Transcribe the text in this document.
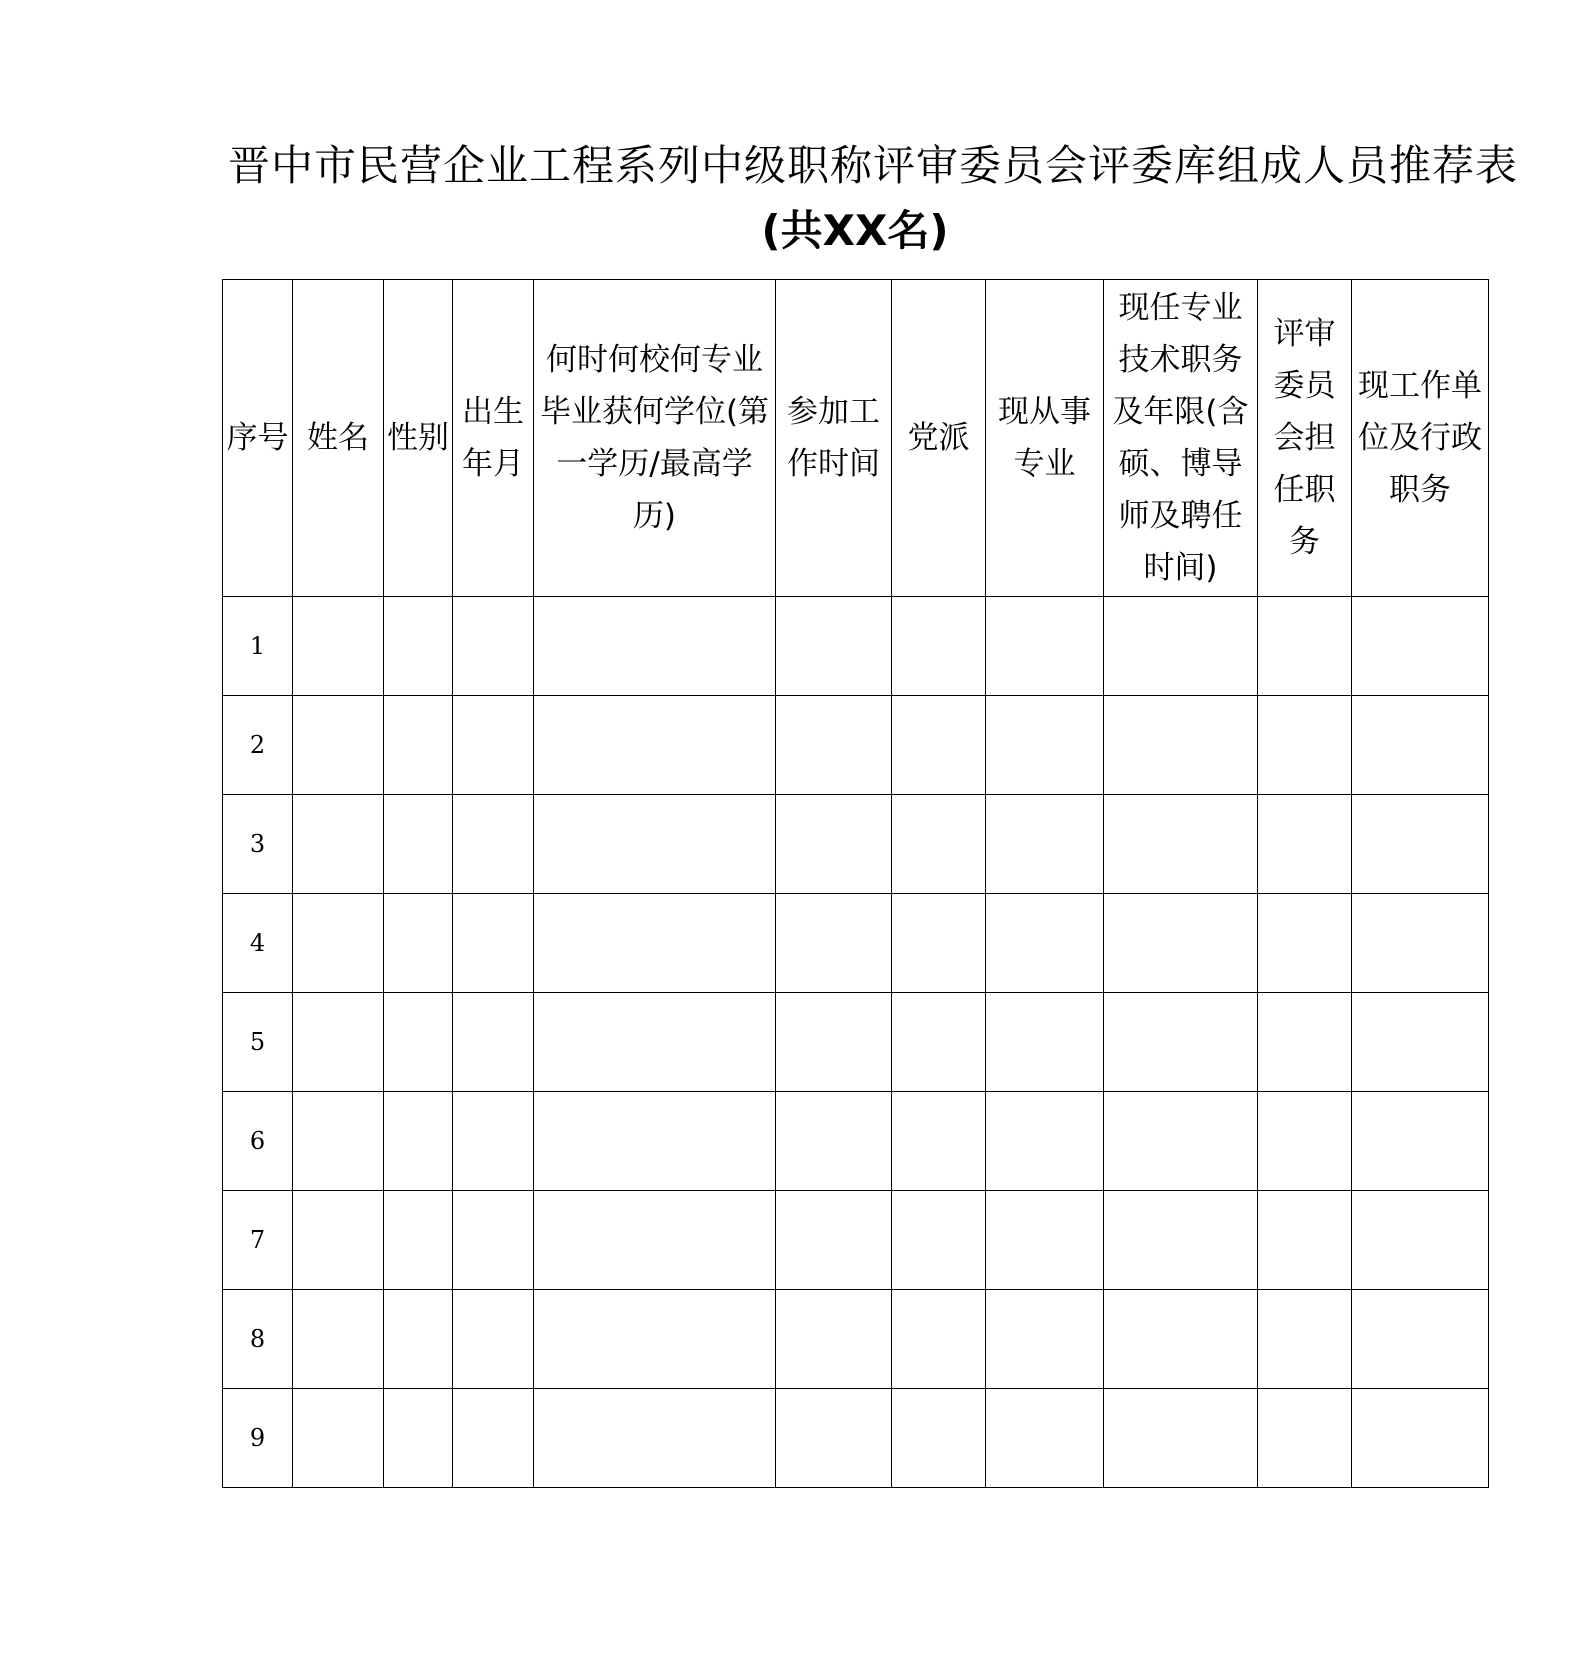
晋中市民营企业工程系列中级职称评审委员会评委库组成人员推荐表
(共XX名)
序号	姓名	性别	出生年月	何时何校何专业毕业获何学位(第一学历/最高学历)	参加工作时间	党派	现从事专业	现任专业技术职务及年限(含硕、博导师及聘任时间)	评审委员会担任职务	现工作单位及行政职务
1										
2										
3										
4										
5										
6										
7										
8										
9										
